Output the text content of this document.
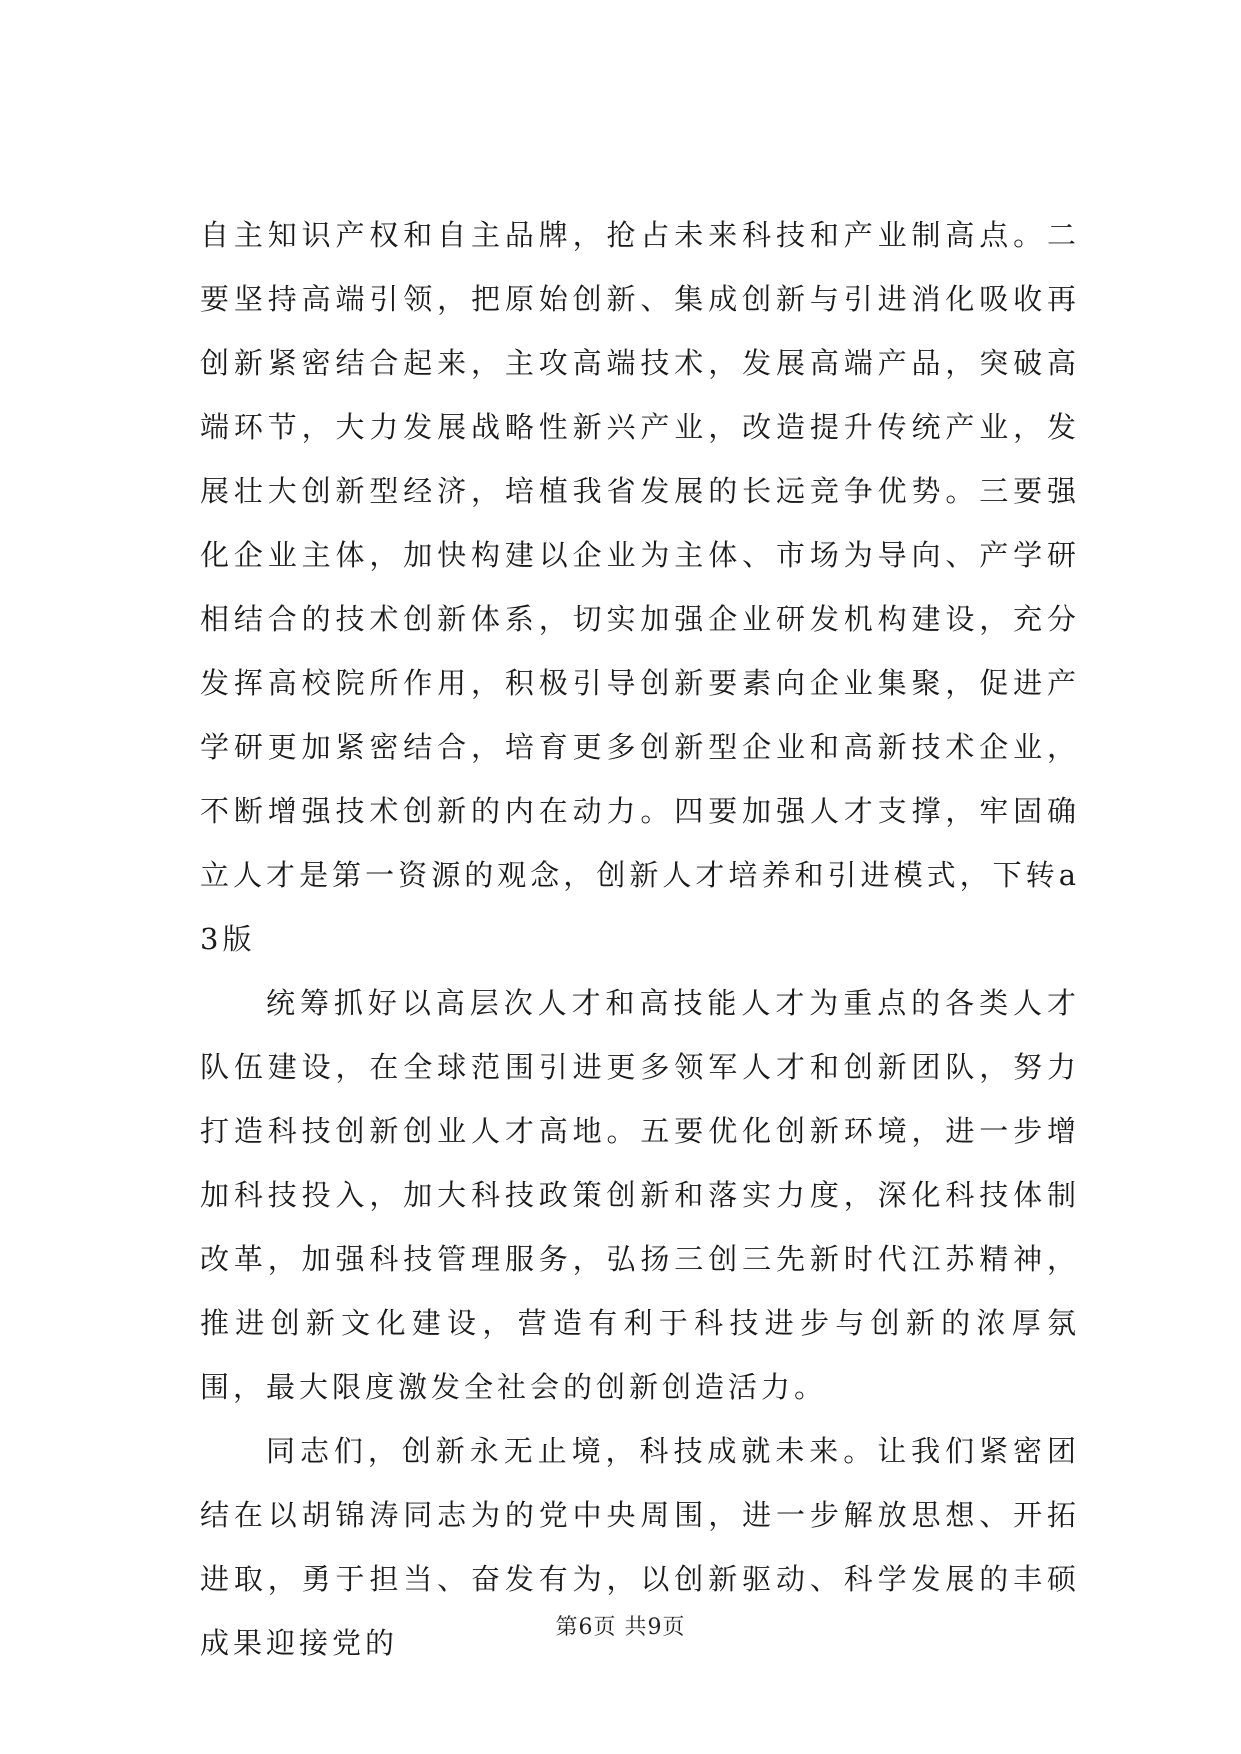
自主知识产权和自主品牌，抢占未来科技和产业制高点。二要坚持高端引领，把原始创新、集成创新与引进消化吸收再创新紧密结合起来，主攻高端技术，发展高端产品，突破高端环节，大力发展战略性新兴产业，改造提升传统产业，发展壮大创新型经济，培植我省发展的长远竞争优势。三要强化企业主体，加快构建以企业为主体、市场为导向、产学研相结合的技术创新体系，切实加强企业研发机构建设，充分发挥高校院所作用，积极引导创新要素向企业集聚，促进产学研更加紧密结合，培育更多创新型企业和高新技术企业，不断增强技术创新的内在动力。四要加强人才支撑，牢固确立人才是第一资源的观念，创新人才培养和引进模式，下转a3版

统筹抓好以高层次人才和高技能人才为重点的各类人才队伍建设，在全球范围引进更多领军人才和创新团队，努力打造科技创新创业人才高地。五要优化创新环境，进一步增加科技投入，加大科技政策创新和落实力度，深化科技体制改革，加强科技管理服务，弘扬三创三先新时代江苏精神，推进创新文化建设，营造有利于科技进步与创新的浓厚氛围，最大限度激发全社会的创新创造活力。

同志们，创新永无止境，科技成就未来。让我们紧密团结在以胡锦涛同志为的党中央周围，进一步解放思想、开拓进取，勇于担当、奋发有为，以创新驱动、科学发展的丰硕成果迎接党的	第6页 共9页
